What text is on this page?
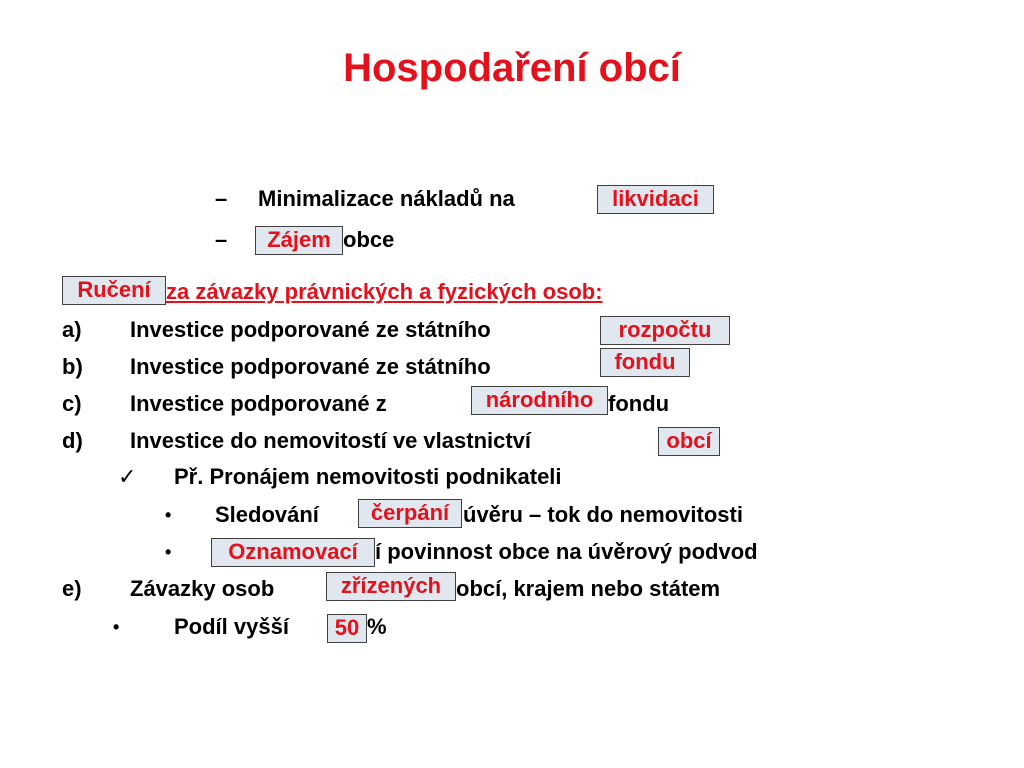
Hospodaření obcí
– Minimalizace nákladů na	likvidaci
–	Zájem obce
Ručení za závazky právnických a fyzických osob:
a) Investice podporované ze státního	rozpočtu
b) Investice podporované ze státního	fondu
c) Investice podporované z	národního fondu
d) Investice do nemovitostí ve vlastnictví	obcí
✓ Př. Pronájem nemovitosti podnikateli
• Sledování	čerpání úvěru – tok do nemovitosti
•	Oznamovací í povinnost obce na úvěrový podvod
e) Závazky osob	zřízených obcí, krajem nebo státem
• Podíl vyšší	50 %
